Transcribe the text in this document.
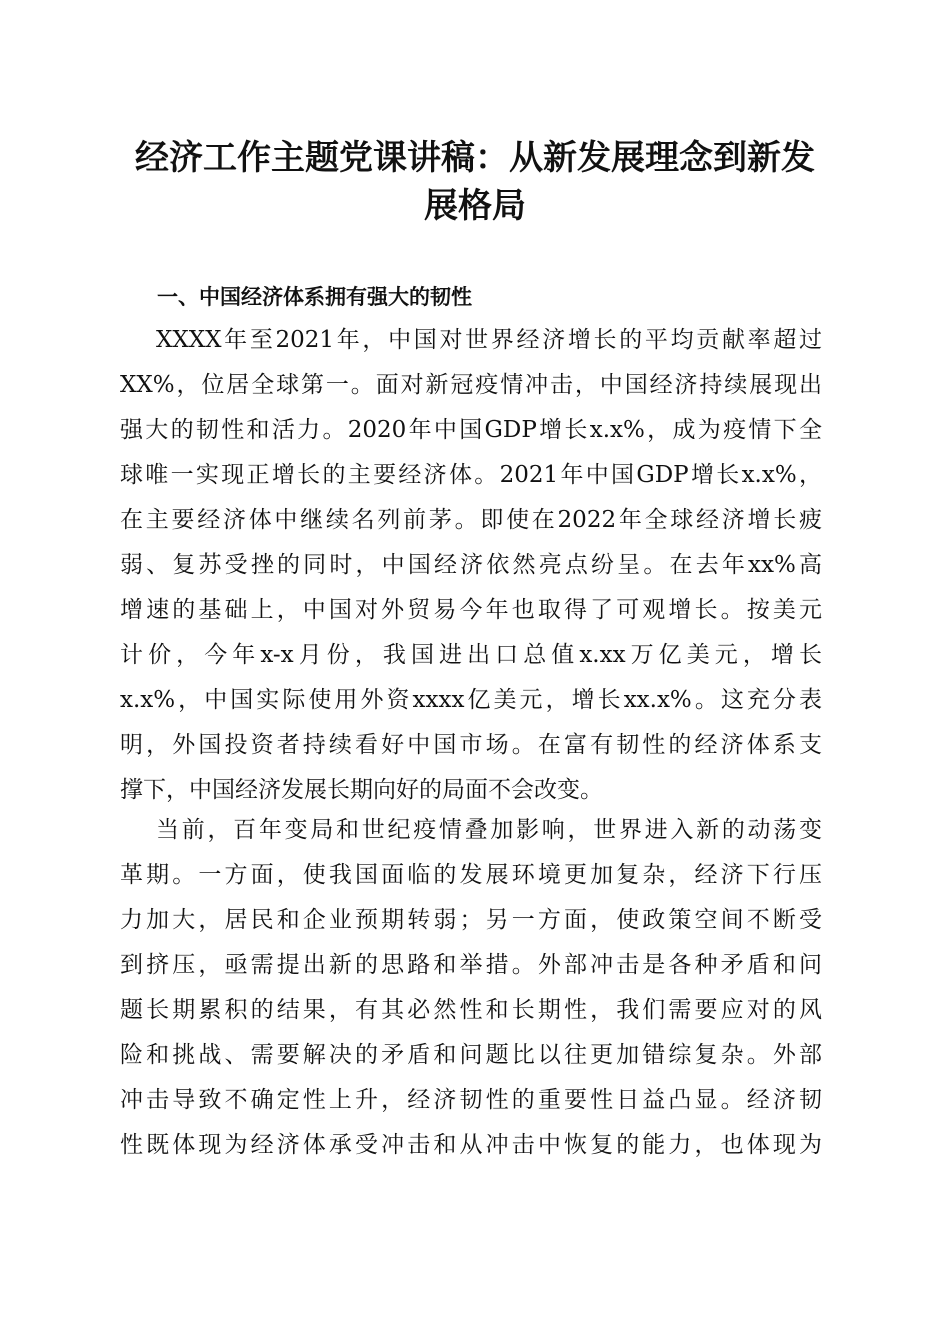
经济工作主题党课讲稿：从新发展理念到新发
展格局
一、中国经济体系拥有强大的韧性
XXXX年至2021年，中国对世界经济增长的平均贡献率超过
XX%，位居全球第一。面对新冠疫情冲击，中国经济持续展现出
强大的韧性和活力。2020年中国GDP增长x.x%，成为疫情下全
球唯一实现正增长的主要经济体。2021年中国GDP增长x.x%，
在主要经济体中继续名列前茅。即使在2022年全球经济增长疲
弱、复苏受挫的同时，中国经济依然亮点纷呈。在去年xx%高
增速的基础上，中国对外贸易今年也取得了可观增长。按美元
计价，今年x-x月份，我国进出口总值x.xx万亿美元，增长
x.x%，中国实际使用外资xxxx亿美元，增长xx.x%。这充分表
明，外国投资者持续看好中国市场。在富有韧性的经济体系支
撑下，中国经济发展长期向好的局面不会改变。
当前，百年变局和世纪疫情叠加影响，世界进入新的动荡变
革期。一方面，使我国面临的发展环境更加复杂，经济下行压
力加大，居民和企业预期转弱；另一方面，使政策空间不断受
到挤压，亟需提出新的思路和举措。外部冲击是各种矛盾和问
题长期累积的结果，有其必然性和长期性，我们需要应对的风
险和挑战、需要解决的矛盾和问题比以往更加错综复杂。外部
冲击导致不确定性上升，经济韧性的重要性日益凸显。经济韧
性既体现为经济体承受冲击和从冲击中恢复的能力，也体现为
